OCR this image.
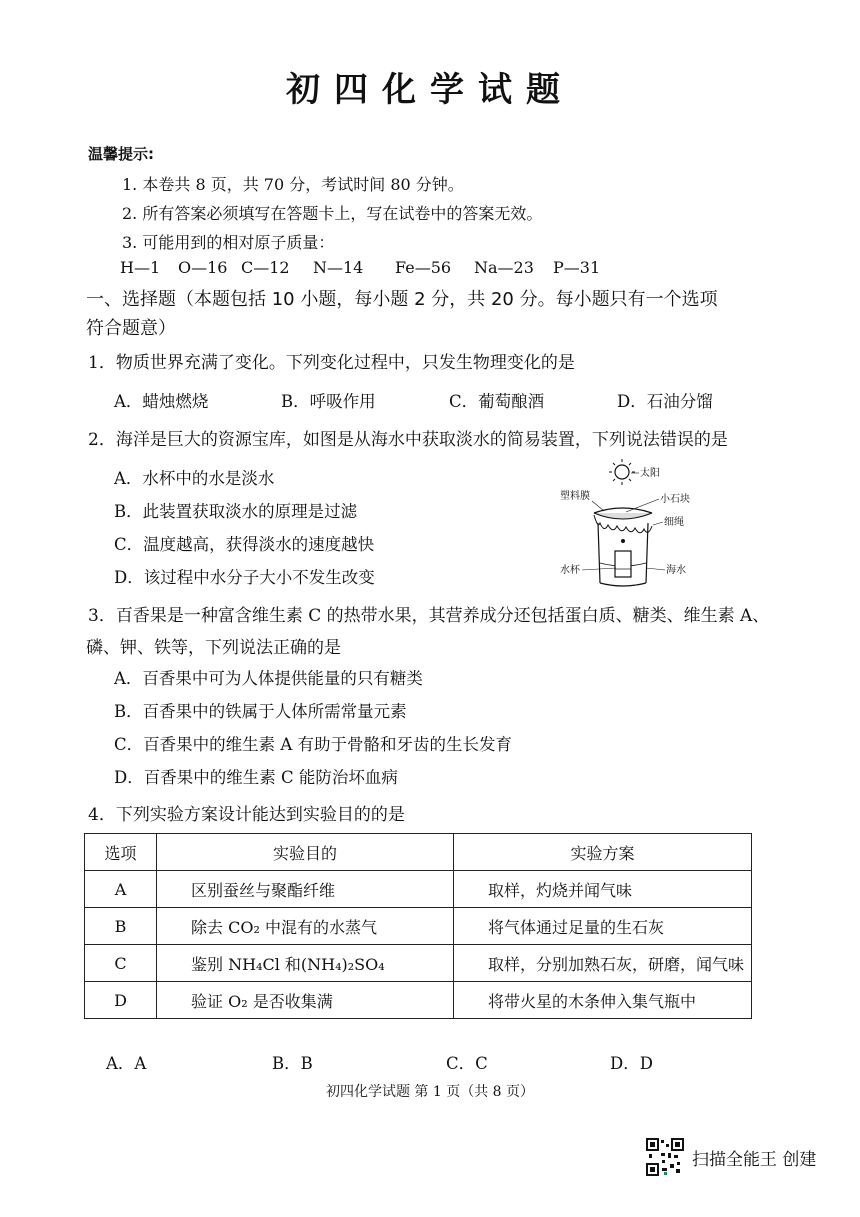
初四化学试题
温馨提示:
1. 本卷共 8 页，共 70 分，考试时间 80 分钟。
2. 所有答案必须填写在答题卡上，写在试卷中的答案无效。
3. 可能用到的相对原子质量：
H—1 O—16 C—12 N—14 Fe—56 Na—23 P—31
一、选择题（本题包括 10 小题，每小题 2 分，共 20 分。每小题只有一个选项
符合题意）
1．物质世界充满了变化。下列变化过程中，只发生物理变化的是
A．蜡烛燃烧	B．呼吸作用	C．葡萄酿酒	D．石油分馏
2．海洋是巨大的资源宝库，如图是从海水中获取淡水的简易装置，下列说法错误的是
A．水杯中的水是淡水
B．此装置获取淡水的原理是过滤
C．温度越高，获得淡水的速度越快
D．该过程中水分子大小不发生改变
太阳
塑料膜	小石块
细绳
水杯	海水
3．百香果是一种富含维生素 C 的热带水果，其营养成分还包括蛋白质、糖类、维生素 A、
磷、钾、铁等，下列说法正确的是
A．百香果中可为人体提供能量的只有糖类
B．百香果中的铁属于人体所需常量元素
C．百香果中的维生素 A 有助于骨骼和牙齿的生长发育
D．百香果中的维生素 C 能防治坏血病
4．下列实验方案设计能达到实验目的的是
选项	实验目的	实验方案
A	区别蚕丝与聚酯纤维	取样，灼烧并闻气味
B	除去 CO₂ 中混有的水蒸气	将气体通过足量的生石灰
C	鉴别 NH₄Cl 和(NH₄)₂SO₄	取样，分别加熟石灰，研磨，闻气味
D	验证 O₂ 是否收集满	将带火星的木条伸入集气瓶中
A．A	B．B	C．C	D．D
初四化学试题 第 1 页（共 8 页）
扫描全能王 创建
